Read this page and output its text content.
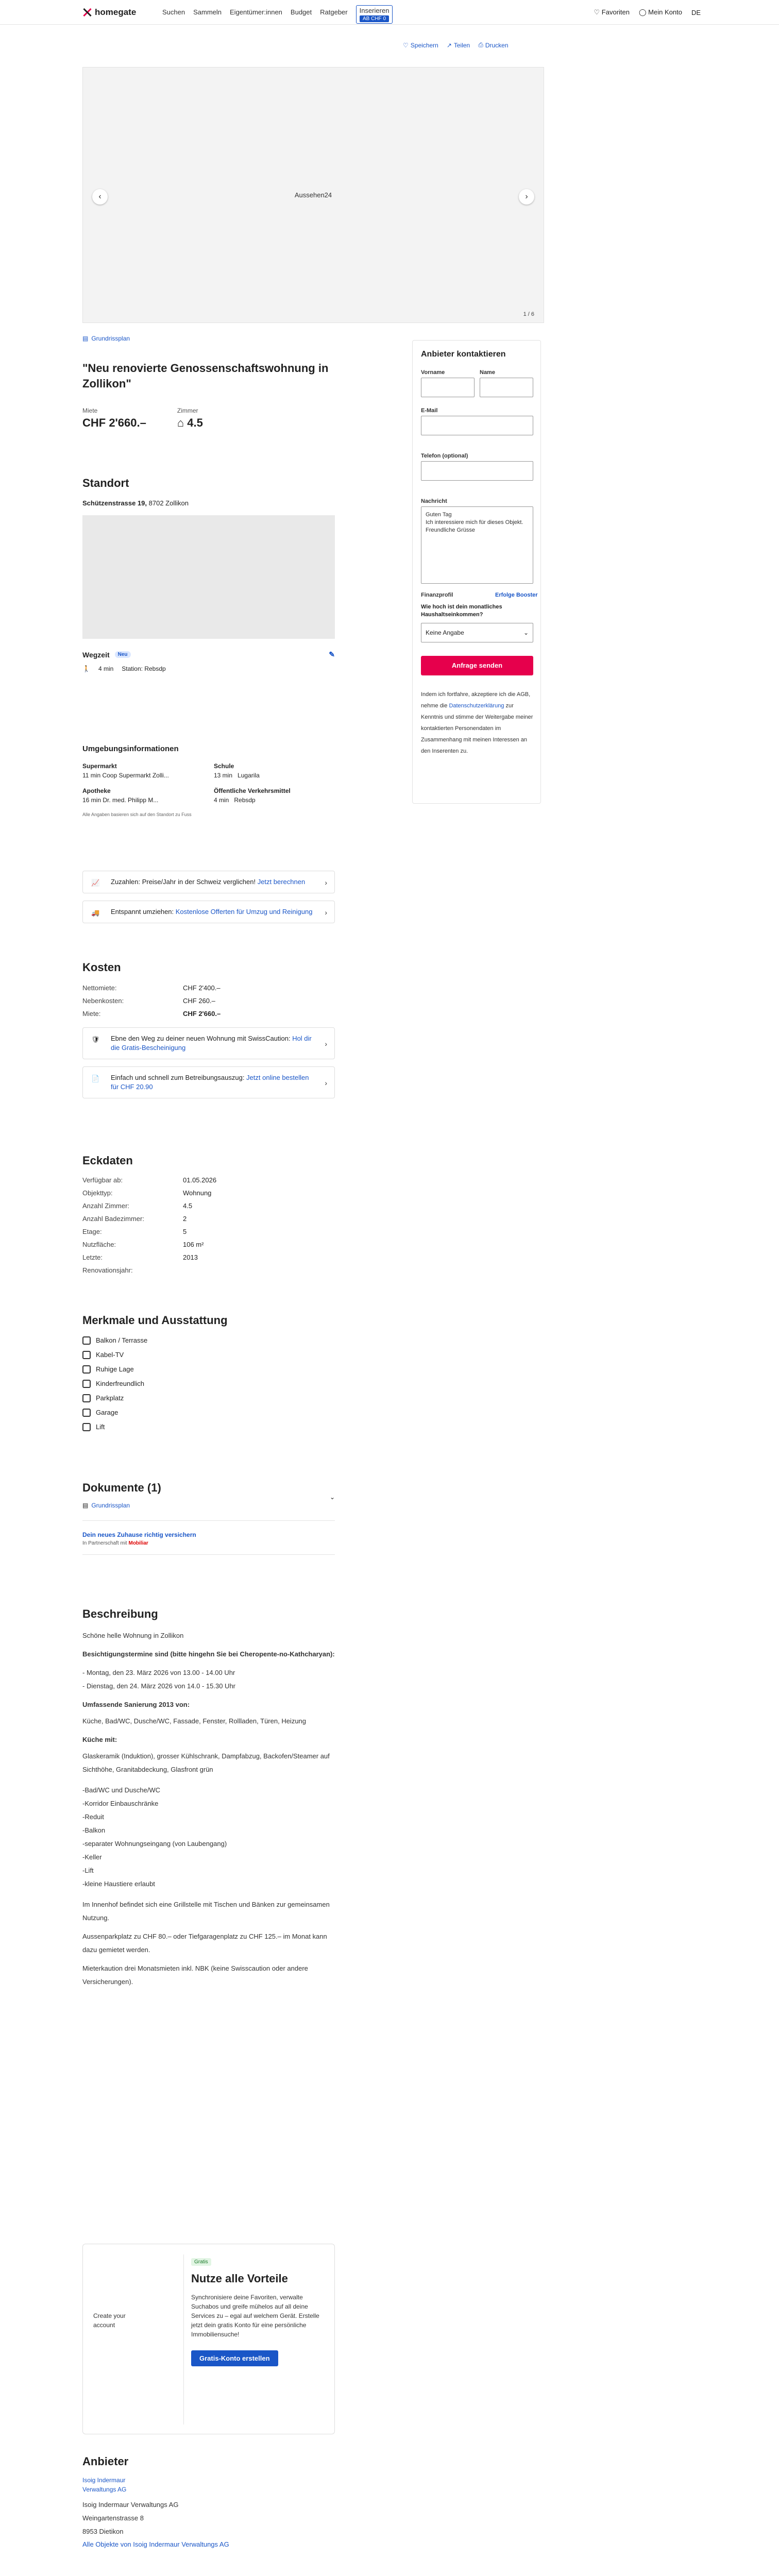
homegate	Suchen Sammeln Eigentümer:innen Budget Ratgeber	Inserieren
AB CHF 0
♡ Favoriten ◯ Mein Konto DE
♡ Speichern ↗ Teilen ⎙ Drucken
Aussehen24
‹	›
1 / 6
▤ Grundrissplan
"Neu renovierte Genossenschaftswohnung in Zollikon"
Miete
CHF 2'660.–
Zimmer
⌂ 4.5
Standort
Schützenstrasse 19, 8702 Zollikon
Wegzeit	Neu	✎
🚶 4 min Station: Rebsdp
Umgebungsinformationen
Supermarkt
11 min Coop Supermarkt Zolli...
Schule
13 min Lugarila
Apotheke
16 min Dr. med. Philipp M...
Öffentliche Verkehrsmittel
4 min Rebsdp
Alle Angaben basieren sich auf den Standort zu Fuss
📈	Zuzahlen: Preise/Jahr in der Schweiz verglichen! Jetzt berechnen	›
🚚	Entspannt umziehen: Kostenlose Offerten für Umzug und Reinigung ›
Kosten
Nettomiete:	CHF 2'400.–
Nebenkosten:	CHF 260.–
Miete:	CHF 2'660.–
🛡	Ebne den Weg zu deiner neuen Wohnung mit SwissCaution: Hol dir die Gratis-Bescheinigung	›
📄	Einfach und schnell zum Betreibungsauszug: Jetzt online bestellen für CHF 20.90	›
Eckdaten
Verfügbar ab:	01.05.2026
Objekttyp:	Wohnung
Anzahl Zimmer:	4.5
Anzahl Badezimmer:	2
Etage:	5
Nutzfläche:	106 m²
Letzte:	2013
Renovationsjahr:
Merkmale und Ausstattung
Balkon / Terrasse
Kabel-TV
Ruhige Lage
Kinderfreundlich
Parkplatz
Garage
Lift
Dokumente (1)
▤ Grundrissplan
Dein neues Zuhause richtig versichern
In Partnerschaft mit Mobiliar
⌄
Beschreibung
Schöne helle Wohnung in Zollikon
Besichtigungstermine sind (bitte hingehn Sie bei Cheropente-no-Kathcharyan):
- Montag, den 23. März 2026 von 13.00 - 14.00 Uhr
- Dienstag, den 24. März 2026 von 14.0 - 15.30 Uhr
Umfassende Sanierung 2013 von:
Küche, Bad/WC, Dusche/WC, Fassade, Fenster, Rollladen, Türen, Heizung
Küche mit:
Glaskeramik (Induktion), grosser Kühlschrank, Dampfabzug, Backofen/Steamer auf Sichthöhe, Granitabdeckung, Glasfront grün
-Bad/WC und Dusche/WC
-Korridor Einbauschränke
-Reduit
-Balkon
-separater Wohnungseingang (von Laubengang)
-Keller
-Lift
-kleine Haustiere erlaubt
Im Innenhof befindet sich eine Grillstelle mit Tischen und Bänken zur gemeinsamen Nutzung.
Aussenparkplatz zu CHF 80.– oder Tiefgaragenplatz zu CHF 125.– im Monat kann dazu gemietet werden.
Mieterkaution drei Monatsmieten inkl. NBK (keine Swisscaution oder andere Versicherungen).
Create your account
Gratis
Nutze alle Vorteile
Synchronisiere deine Favoriten, verwalte Suchabos und greife mühelos auf all deine Services zu – egal auf welchem Gerät. Erstelle jetzt dein gratis Konto für eine persönliche Immobiliensuche!
Gratis-Konto erstellen
Anbieter
Isoig Indermaur
Verwaltungs AG
Isoig Indermaur Verwaltungs AG
Weingartenstrasse 8
8953 Dietikon
Alle Objekte von Isoig Indermaur Verwaltungs AG
Anbieter kontaktieren
Vorname	Name
E-Mail
Telefon (optional)
Nachricht
Guten Tag
Ich interessiere mich für dieses Objekt.
Freundliche Grüsse
Finanzprofil	Erfolge Booster
Wie hoch ist dein monatliches Haushaltseinkommen?
Keine Angabe	⌄
Anfrage senden
Indem ich fortfahre, akzeptiere ich die AGB, nehme die Datenschutzerklärung zur Kenntnis und stimme der Weitergabe meiner kontaktierten Personendaten im Zusammenhang mit meinen Interessen an den Inserenten zu.
